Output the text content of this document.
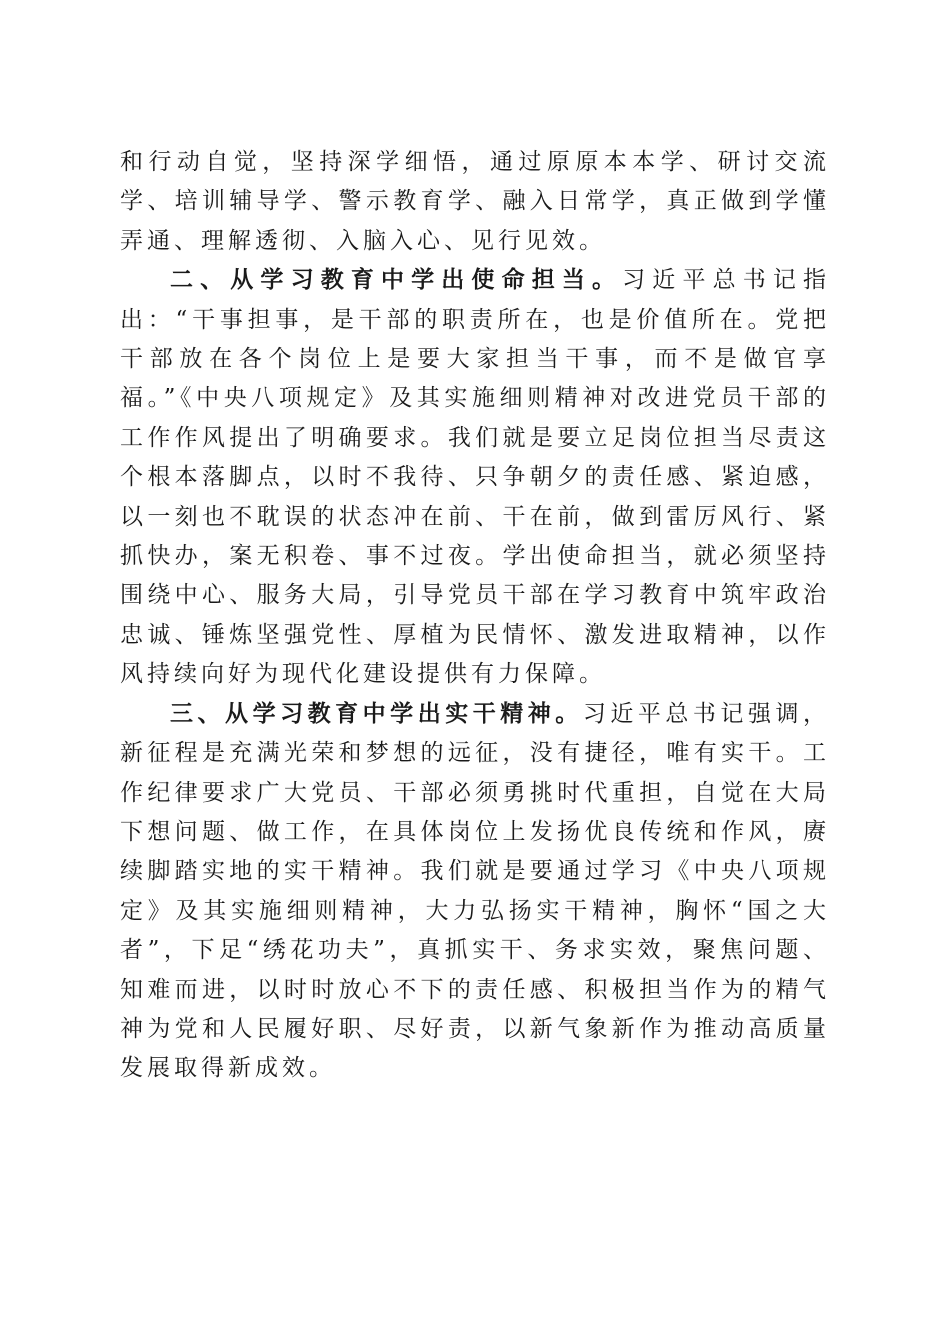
和行动自觉，坚持深学细悟，通过原原本本学、研讨交流学、培训辅导学、警示教育学、融入日常学，真正做到学懂弄通、理解透彻、入脑入心、见行见效。

二、从学习教育中学出使命担当。习近平总书记指出：“干事担事，是干部的职责所在，也是价值所在。党把干部放在各个岗位上是要大家担当干事，而不是做官享福。”《中央八项规定》及其实施细则精神对改进党员干部的工作作风提出了明确要求。我们就是要立足岗位担当尽责这个根本落脚点，以时不我待、只争朝夕的责任感、紧迫感，以一刻也不耽误的状态冲在前、干在前，做到雷厉风行、紧抓快办，案无积卷、事不过夜。学出使命担当，就必须坚持围绕中心、服务大局，引导党员干部在学习教育中筑牢政治忠诚、锤炼坚强党性、厚植为民情怀、激发进取精神，以作风持续向好为现代化建设提供有力保障。

三、从学习教育中学出实干精神。习近平总书记强调，新征程是充满光荣和梦想的远征，没有捷径，唯有实干。工作纪律要求广大党员、干部必须勇挑时代重担，自觉在大局下想问题、做工作，在具体岗位上发扬优良传统和作风，赓续脚踏实地的实干精神。我们就是要通过学习《中央八项规定》及其实施细则精神，大力弘扬实干精神，胸怀“国之大者”，下足“绣花功夫”，真抓实干、务求实效，聚焦问题、知难而进，以时时放心不下的责任感、积极担当作为的精气神为党和人民履好职、尽好责，以新气象新作为推动高质量发展取得新成效。
